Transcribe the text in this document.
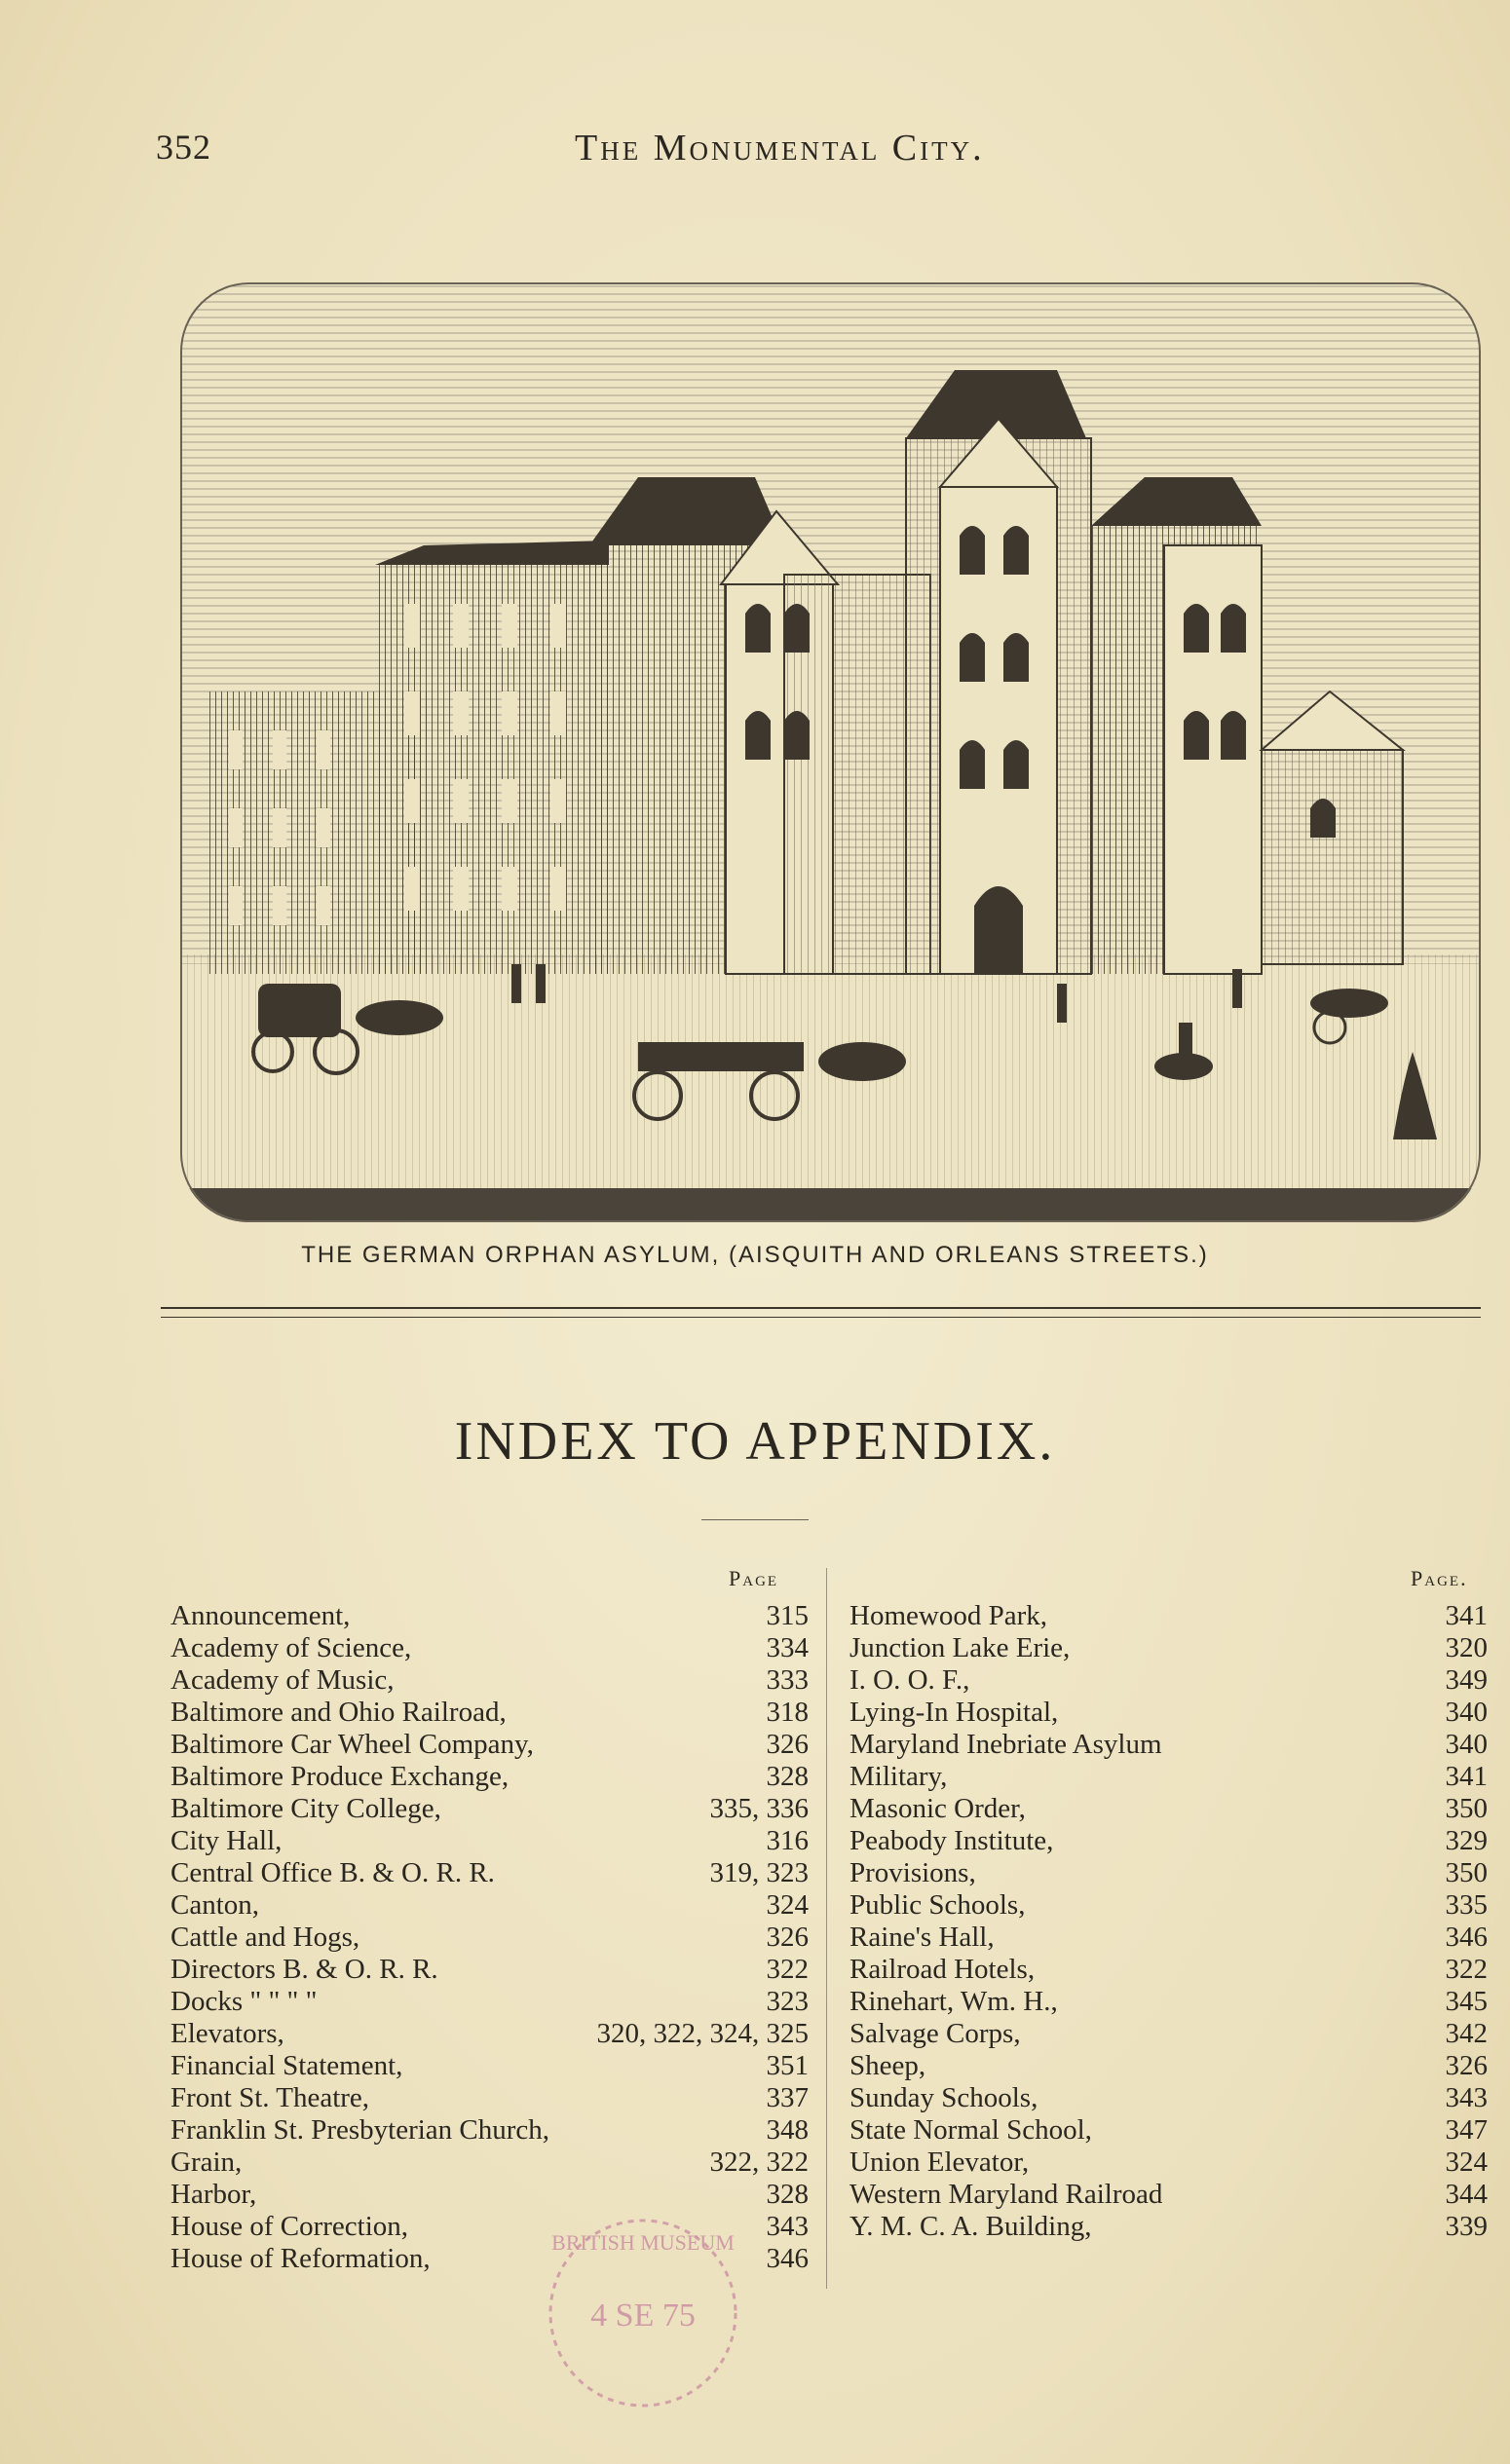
352	The Monumental City.
THE GERMAN ORPHAN ASYLUM, (AISQUITH AND ORLEANS STREETS.)
INDEX TO APPENDIX.
Page	Page.
Announcement,	315
Academy of Science,	334
Academy of Music,	333
Baltimore and Ohio Railroad,	318
Baltimore Car Wheel Company,	326
Baltimore Produce Exchange,	328
Baltimore City College,	335, 336
City Hall,	316
Central Office B. & O. R. R.	319, 323
Canton,	324
Cattle and Hogs,	326
Directors B. & O. R. R.	322
Docks " " " "	323
Elevators,	320, 322, 324, 325
Financial Statement,	351
Front St. Theatre,	337
Franklin St. Presbyterian Church,	348
Grain,	322, 322
Harbor,	328
House of Correction,	343
House of Reformation,	346
Homewood Park,	341
Junction Lake Erie,	320
I. O. O. F.,	349
Lying-In Hospital,	340
Maryland Inebriate Asylum	340
Military,	341
Masonic Order,	350
Peabody Institute,	329
Provisions,	350
Public Schools,	335
Raine's Hall,	346
Railroad Hotels,	322
Rinehart, Wm. H.,	345
Salvage Corps,	342
Sheep,	326
Sunday Schools,	343
State Normal School,	347
Union Elevator,	324
Western Maryland Railroad	344
Y. M. C. A. Building,	339
BRITISH MUSEUM
4 SE 75
